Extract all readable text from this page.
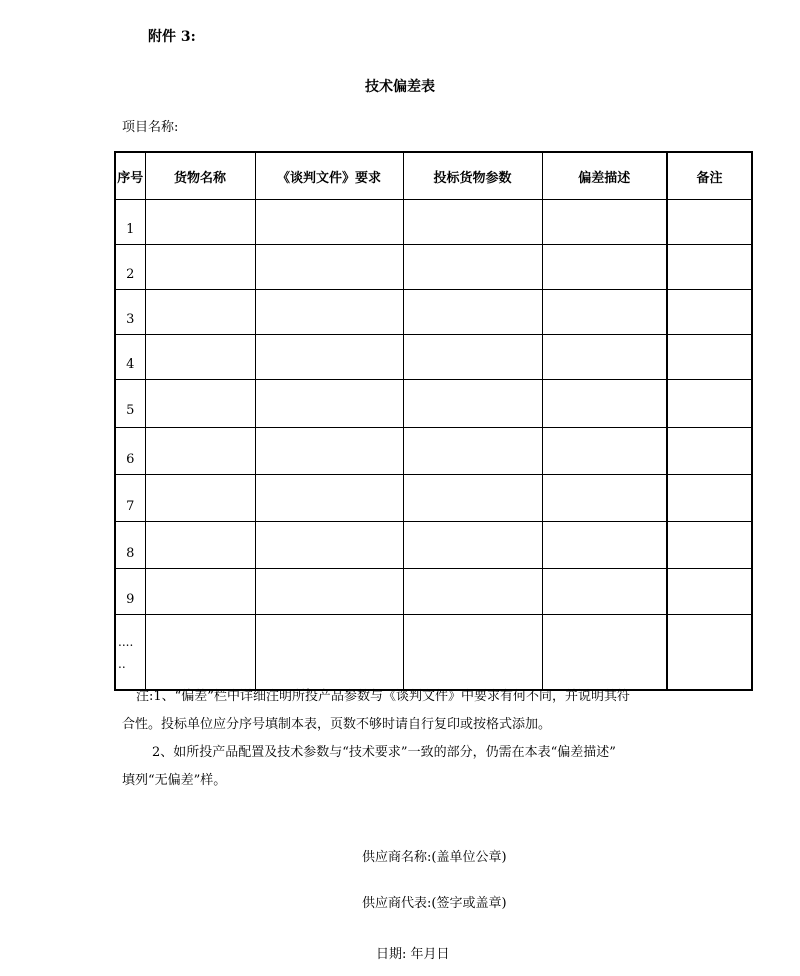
附件 3:
技术偏差表
项目名称:
序号	货物名称	《谈判文件》要求	投标货物参数	偏差描述	备注
1					
2					
3					
4					
5					
6					
7					
8					
9					

....
..					

注:1、“偏差”栏中详细注明所投产品参数与《谈判文件》中要求有何不同，并说明其符
合性。投标单位应分序号填制本表，页数不够时请自行复印或按格式添加。
2、如所投产品配置及技术参数与“技术要求”一致的部分，仍需在本表“偏差描述”
填列“无偏差”样。
供应商名称:(盖单位公章)
供应商代表:(签字或盖章)
日期: 年月日
